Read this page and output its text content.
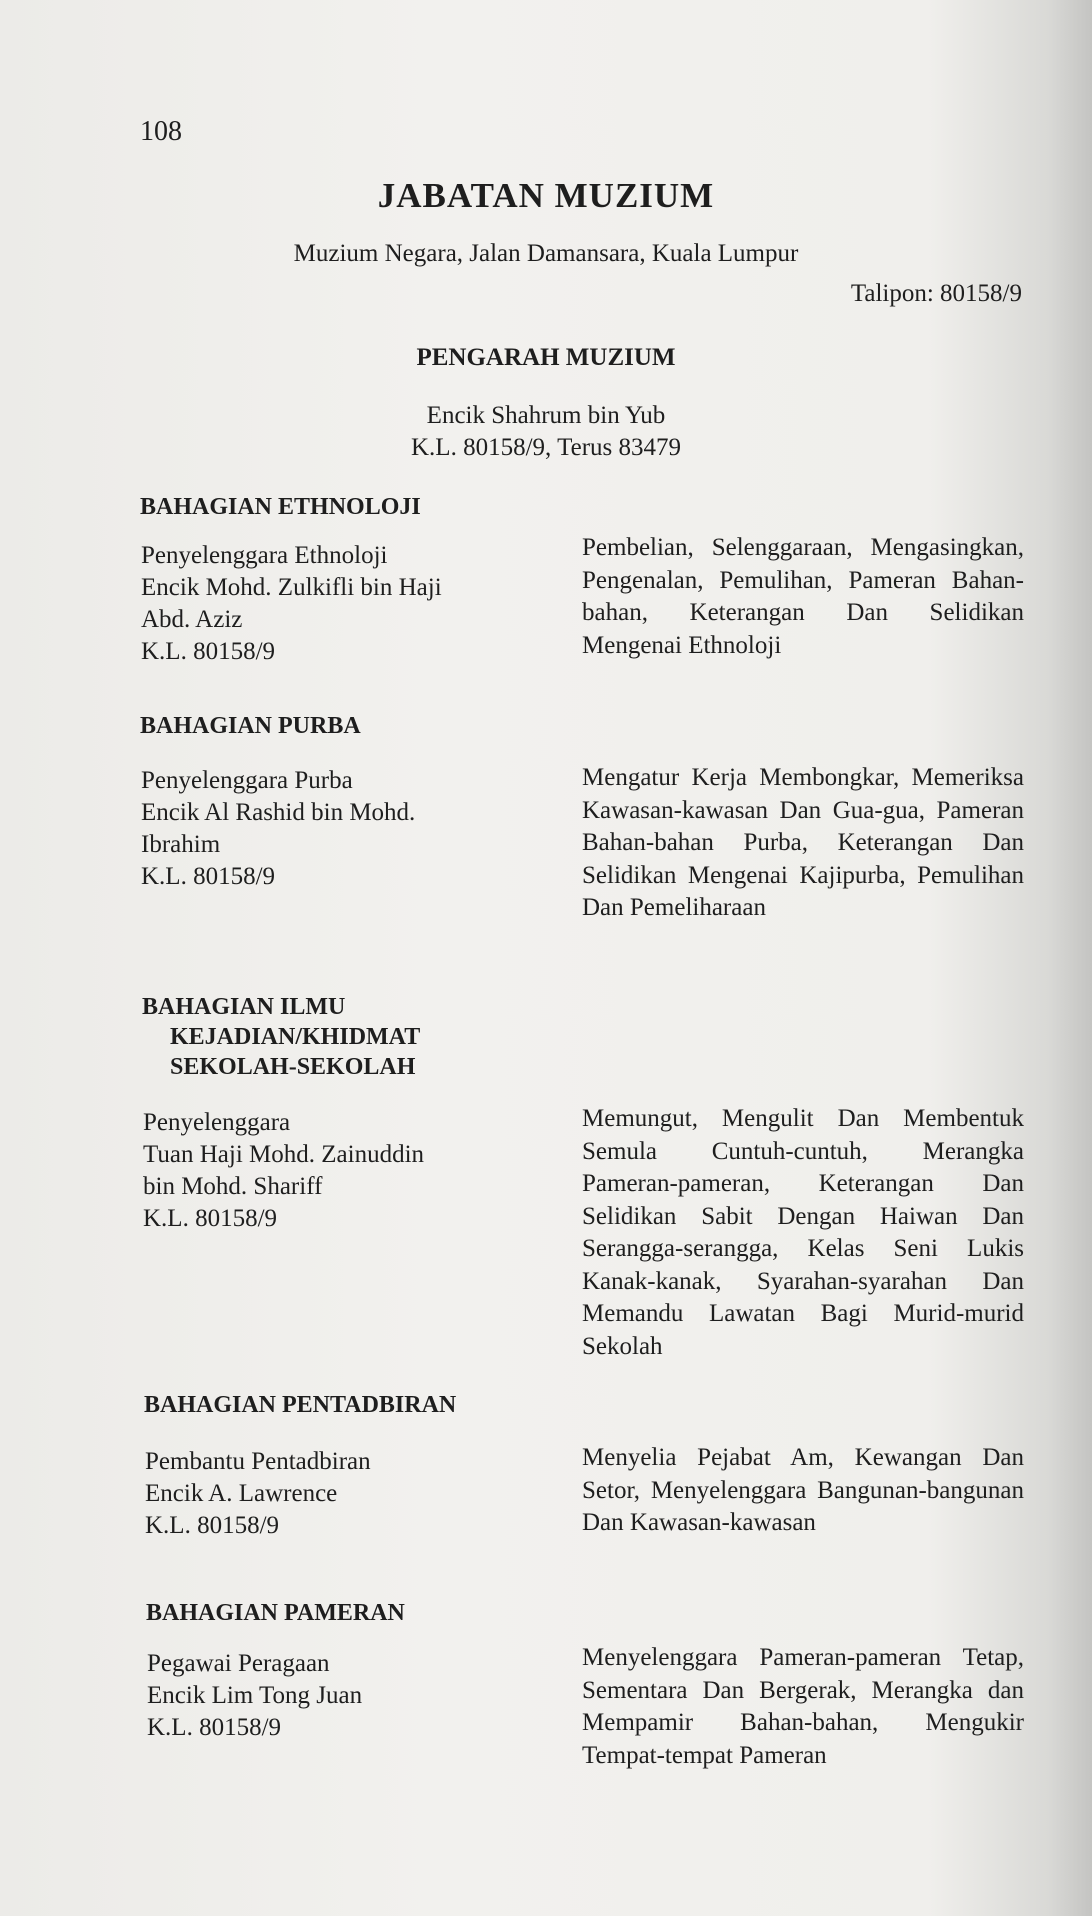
108
JABATAN MUZIUM
Muzium Negara, Jalan Damansara, Kuala Lumpur
Talipon: 80158/9
PENGARAH MUZIUM
Encik Shahrum bin Yub
K.L. 80158/9, Terus 83479
BAHAGIAN ETHNOLOJI
Penyelenggara Ethnoloji
Encik Mohd. Zulkifli bin Haji
Abd. Aziz
K.L. 80158/9
Pembelian, Selenggaraan, Mengasingkan, Pengenalan, Pemulihan, Pameran Bahan-bahan, Keterangan Dan Selidikan Mengenai Ethnoloji
BAHAGIAN PURBA
Penyelenggara Purba
Encik Al Rashid bin Mohd.
Ibrahim
K.L. 80158/9
Mengatur Kerja Membongkar, Memeriksa Kawasan-kawasan Dan Gua-gua, Pameran Bahan-bahan Purba, Keterangan Dan Selidikan Mengenai Kajipurba, Pemulihan Dan Pemeliharaan
BAHAGIAN ILMU
KEJADIAN/KHIDMAT
SEKOLAH-SEKOLAH
Penyelenggara
Tuan Haji Mohd. Zainuddin
bin Mohd. Shariff
K.L. 80158/9
Memungut, Mengulit Dan Membentuk Semula Cuntuh-cuntuh, Merangka Pameran-pameran, Keterangan Dan Selidikan Sabit Dengan Haiwan Dan Serangga-serangga, Kelas Seni Lukis Kanak-kanak, Syarahan-syarahan Dan Memandu Lawatan Bagi Murid-murid Sekolah
BAHAGIAN PENTADBIRAN
Pembantu Pentadbiran
Encik A. Lawrence
K.L. 80158/9
Menyelia Pejabat Am, Kewangan Dan Setor, Menyelenggara Bangunan-bangunan Dan Kawasan-kawasan
BAHAGIAN PAMERAN
Pegawai Peragaan
Encik Lim Tong Juan
K.L. 80158/9
Menyelenggara Pameran-pameran Tetap, Sementara Dan Bergerak, Merangka dan Mempamir Bahan-bahan, Mengukir Tempat-tempat Pameran
